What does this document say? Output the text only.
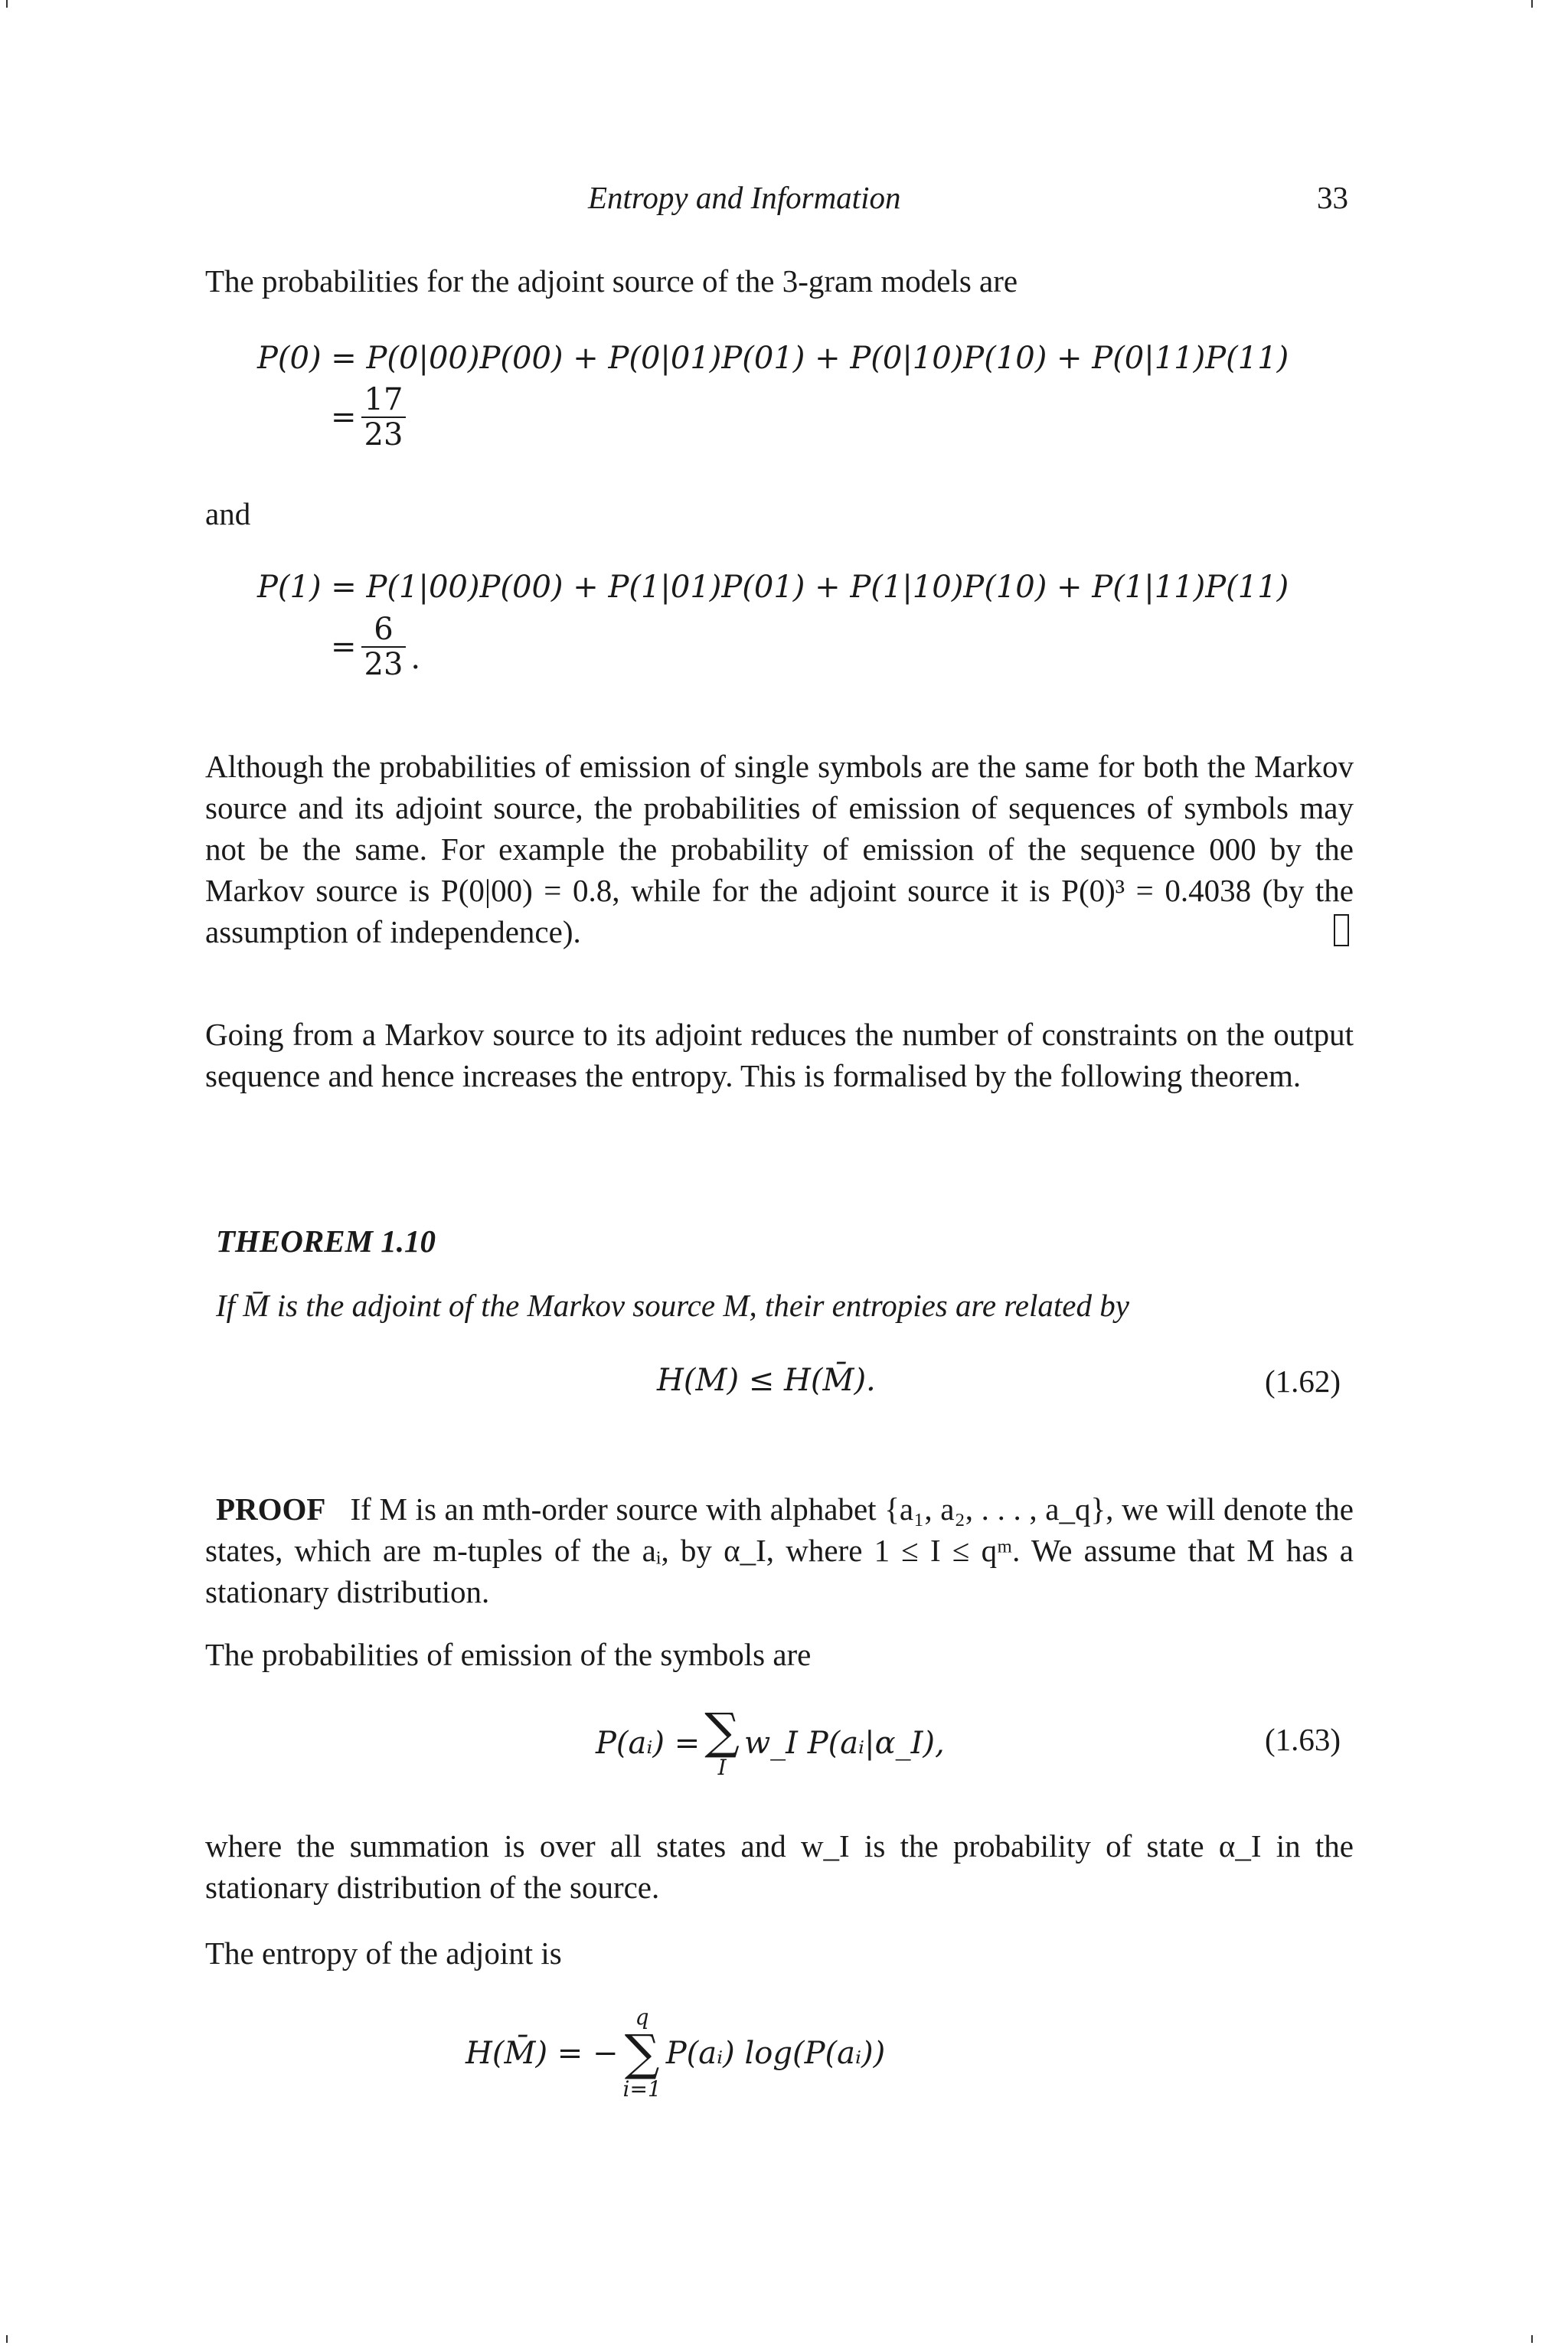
Entropy and Information	33
The probabilities for the adjoint source of the 3-gram models are
P(0) = P(0|00)P(00) + P(0|01)P(01) + P(0|10)P(10) + P(0|11)P(11)
= $\frac{17}{23}$
and
P(1) = P(1|00)P(00) + P(1|01)P(01) + P(1|10)P(10) + P(1|11)P(11)
= $\frac{6}{23}$ .
Although the probabilities of emission of single symbols are the same for both the Markov source and its adjoint source, the probabilities of emission of sequences of symbols may not be the same. For example the probability of emission of the sequence 000 by the Markov source is P(0|00) = 0.8, while for the adjoint source it is P(0)³ = 0.4038 (by the assumption of independence).
Going from a Markov source to its adjoint reduces the number of constraints on the output sequence and hence increases the entropy. This is formalised by the following theorem.
THEOREM 1.10
If M̄ is the adjoint of the Markov source M, their entropies are related by
H(M) ≤ H(M̄).	(1.62)
PROOF If M is an mth-order source with alphabet {a₁, a₂, . . . , a_q}, we will denote the states, which are m-tuples of the aᵢ, by α_I, where 1 ≤ I ≤ qᵐ. We assume that M has a stationary distribution.
The probabilities of emission of the symbols are
P(aᵢ) = ∑
I
w_I P(aᵢ|α_I),	(1.63)
where the summation is over all states and w_I is the probability of state α_I in the stationary distribution of the source.
The entropy of the adjoint is
H(M̄) = −
q
∑
i=1
P(aᵢ) log(P(aᵢ))
